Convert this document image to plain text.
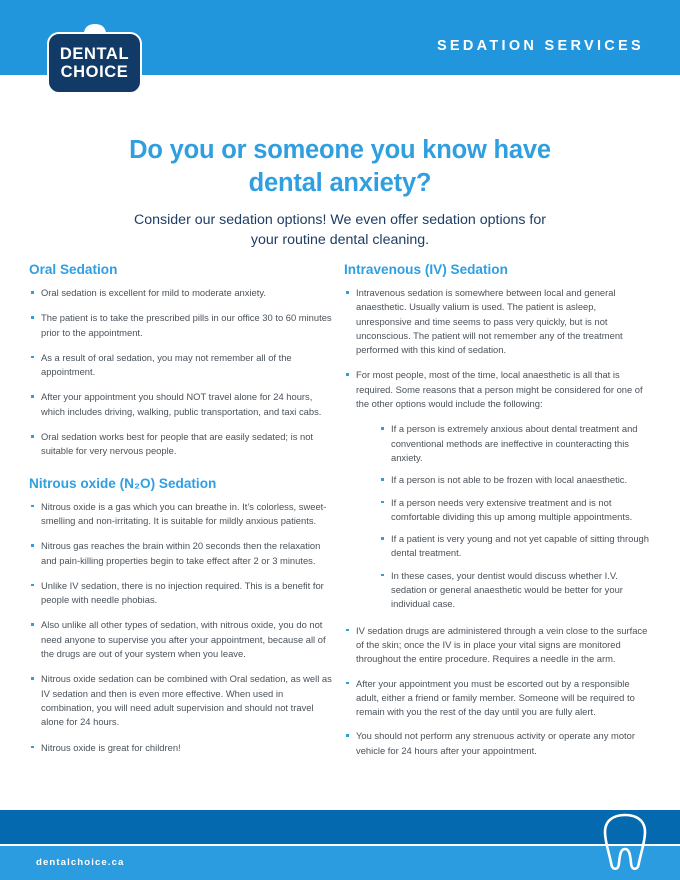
SEDATION SERVICES
DENTAL
CHOICE
Do you or someone you know have
dental anxiety?
Consider our sedation options! We even offer sedation options for
your routine dental cleaning.
Oral Sedation
Oral sedation is excellent for mild to moderate anxiety.
The patient is to take the prescribed pills in our office 30 to 60 minutes prior to the appointment.
As a result of oral sedation, you may not remember all of the appointment.
After your appointment you should NOT travel alone for 24 hours, which includes driving, walking, public transportation, and taxi cabs.
Oral sedation works best for people that are easily sedated; is not suitable for very nervous people.
Nitrous oxide (N₂O) Sedation
Nitrous oxide is a gas which you can breathe in. It’s colorless, sweet- smelling and non-irritating. It is suitable for mildly anxious patients.
Nitrous gas reaches the brain within 20 seconds then the relaxation and pain-killing properties begin to take effect after 2 or 3 minutes.
Unlike IV sedation, there is no injection required. This is a benefit for people with needle phobias.
Also unlike all other types of sedation, with nitrous oxide, you do not need anyone to supervise you after your appointment, because all of the drugs are out of your system when you leave.
Nitrous oxide sedation can be combined with Oral sedation, as well as IV sedation and then is even more effective. When used in combination, you will need adult supervision and should not travel alone for 24 hours.
Nitrous oxide is great for children!
Intravenous (IV) Sedation
Intravenous sedation is somewhere between local and general anaesthetic. Usually valium is used. The patient is asleep, unresponsive and time seems to pass very quickly, but is not unconscious. The patient will not remember any of the treatment performed with this kind of sedation.
For most people, most of the time, local anaesthetic is all that is required. Some reasons that a person might be considered for one of the other options would include the following:
If a person is extremely anxious about dental treatment and conventional methods are ineffective in counteracting this anxiety.
If a person is not able to be frozen with local anaesthetic.
If a person needs very extensive treatment and is not comfortable dividing this up among multiple appointments.
If a patient is very young and not yet capable of sitting through dental treatment.
In these cases, your dentist would discuss whether I.V. sedation or general anaesthetic would be better for your individual case.
IV sedation drugs are administered through a vein close to the surface of the skin; once the IV is in place your vital signs are monitored throughout the entire procedure. Requires a needle in the arm.
After your appointment you must be escorted out by a responsible adult, either a friend or family member. Someone will be required to remain with you the rest of the day until you are fully alert.
You should not perform any strenuous activity or operate any motor vehicle for 24 hours after your appointment.
dentalchoice.ca
